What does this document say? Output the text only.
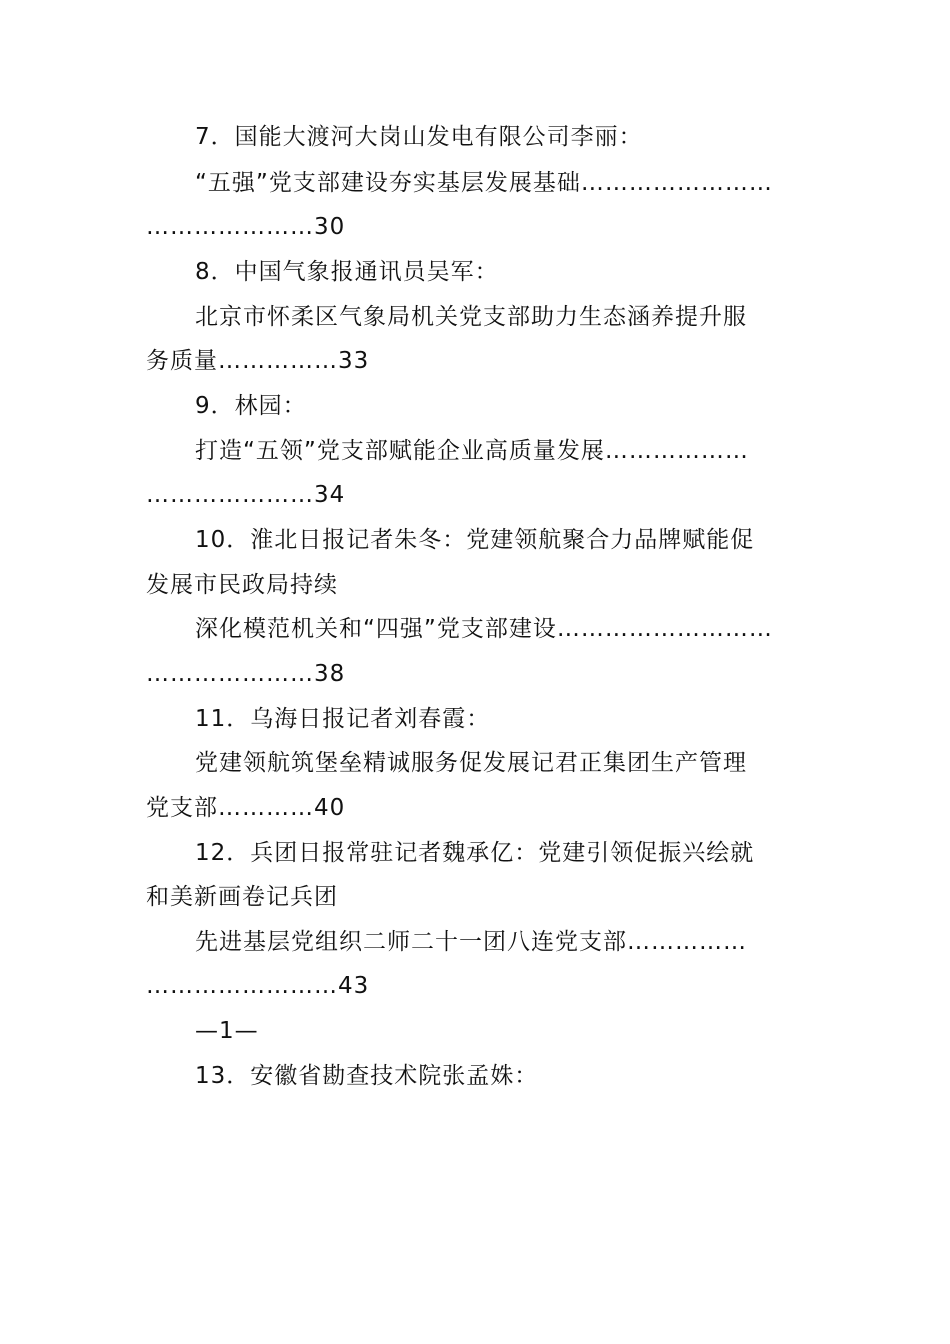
7．国能大渡河大岗山发电有限公司李丽：
“五强”党支部建设夯实基层发展基础……………………
…………………30
8．中国气象报通讯员吴军：
北京市怀柔区气象局机关党支部助力生态涵养提升服
务质量……………33
9．林园：
打造“五领”党支部赋能企业高质量发展………………
…………………34
10．淮北日报记者朱冬：党建领航聚合力品牌赋能促
发展市民政局持续
深化模范机关和“四强”党支部建设………………………
…………………38
11．乌海日报记者刘春霞：
党建领航筑堡垒精诚服务促发展记君正集团生产管理
党支部…………40
12．兵团日报常驻记者魏承亿：党建引领促振兴绘就
和美新画卷记兵团
先进基层党组织二师二十一团八连党支部……………
……………………43
—1—
13．安徽省勘查技术院张孟姝：
